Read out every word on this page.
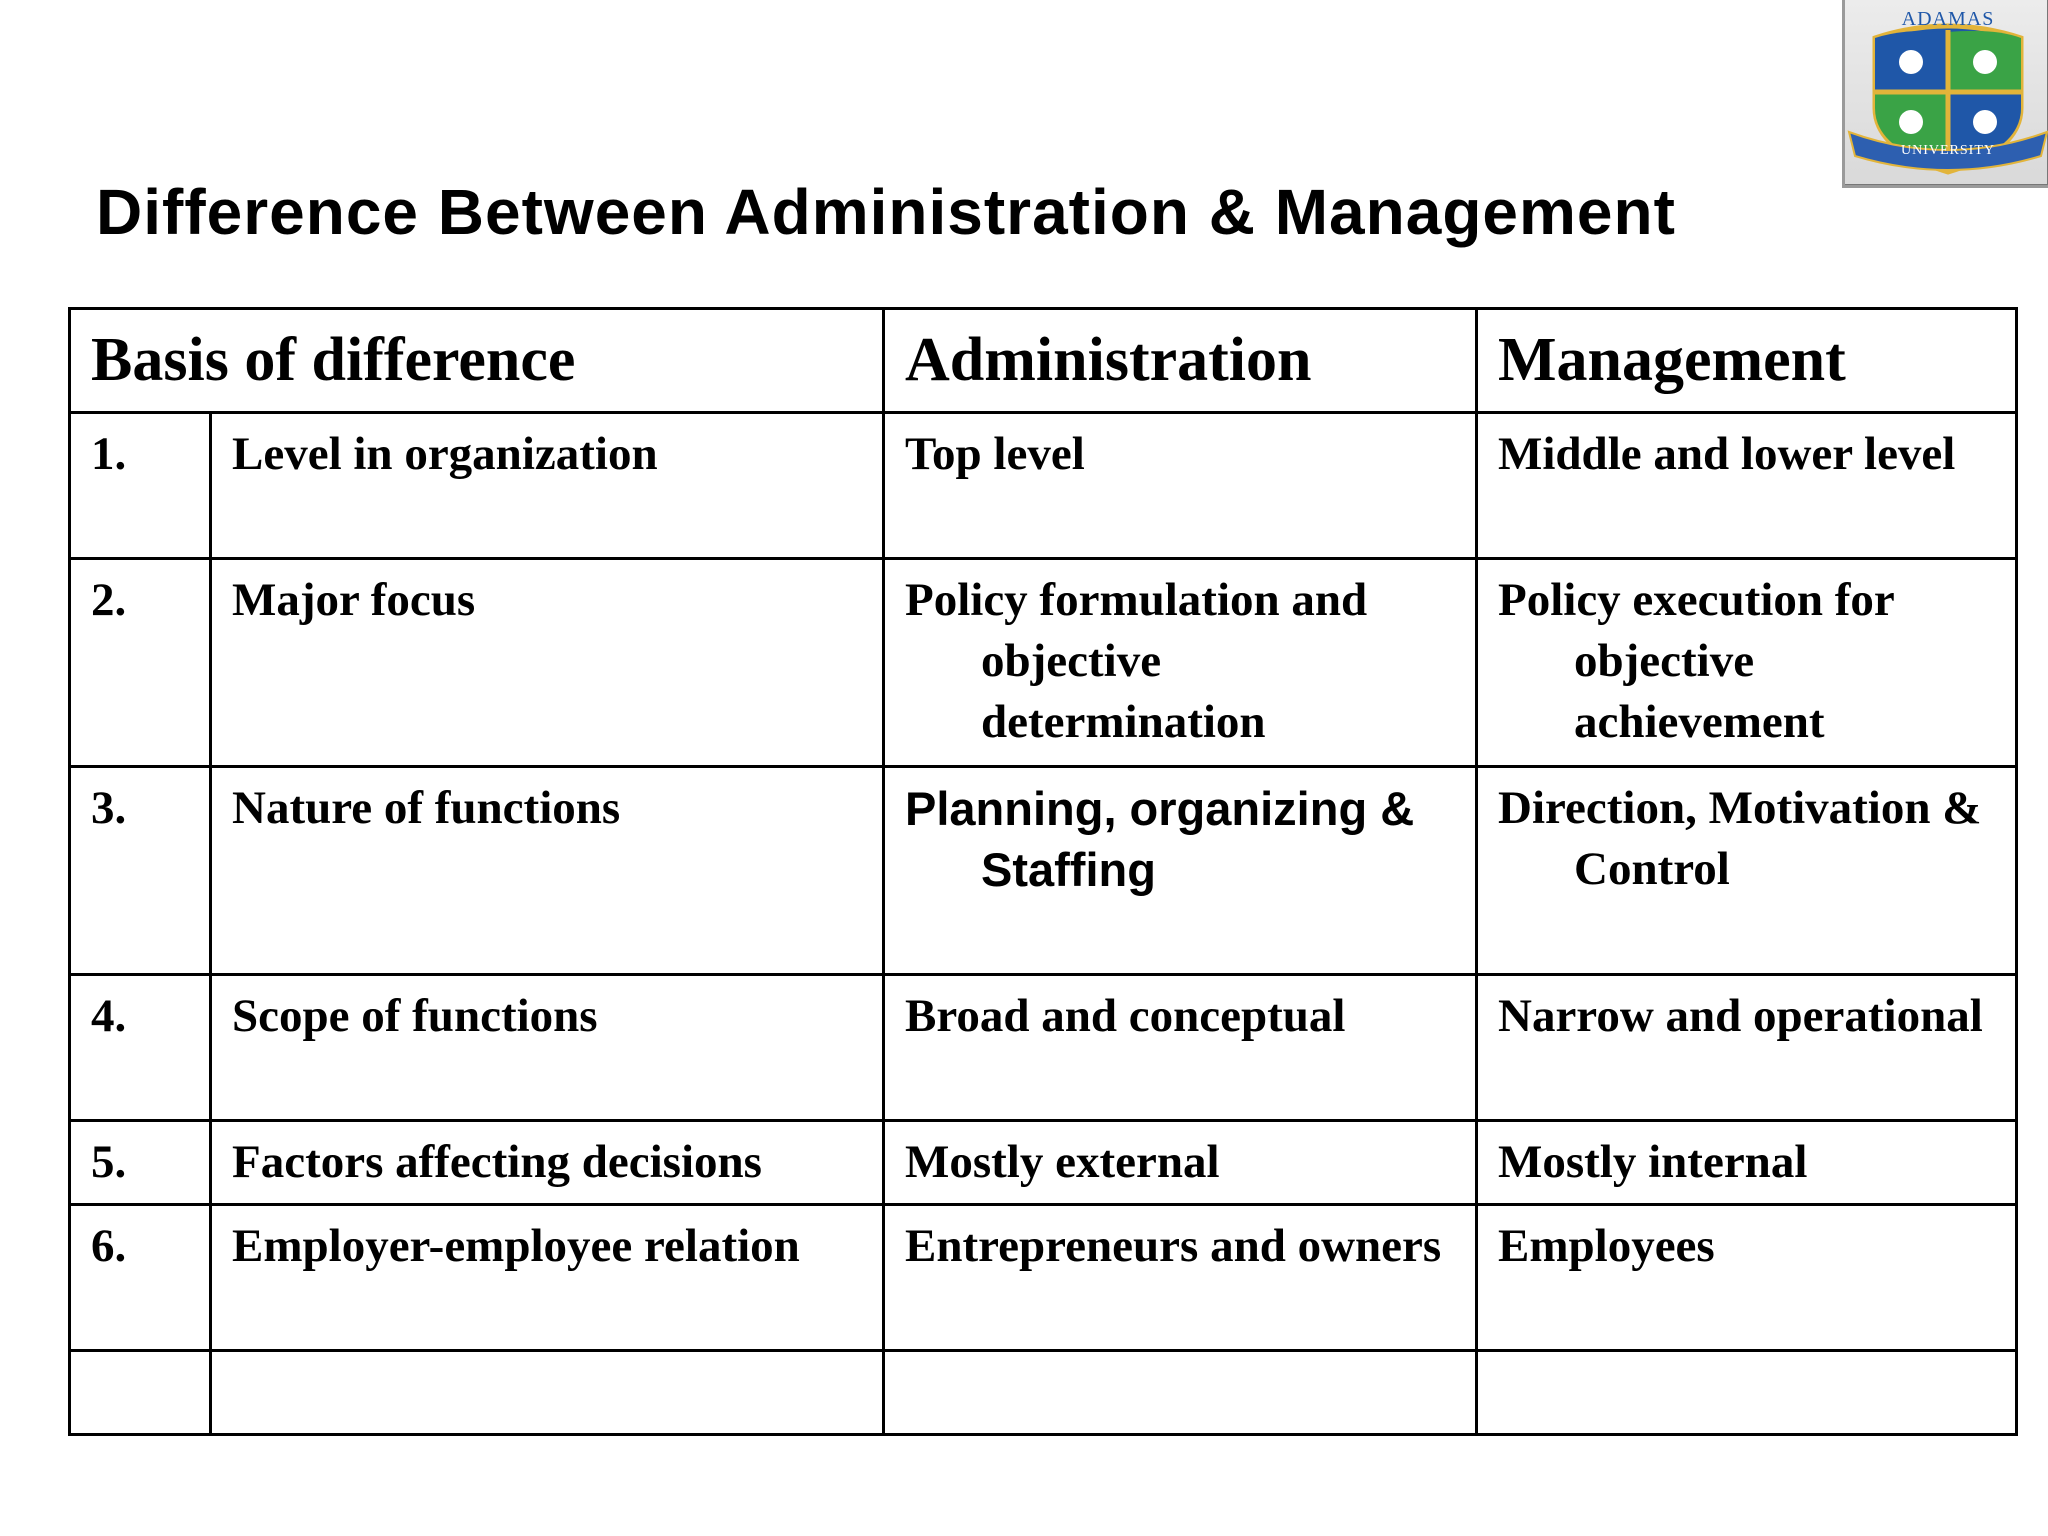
ADAMAS
UNIVERSITY
Difference Between Administration & Management
Basis of difference		Administration	Management
1.	Level in organization	Top level	Middle and lower level

2.	Major focus	Policy formulation and objective determination	Policy execution for objective achievement

3.	Nature of functions	Planning, organizing & Staffing	Direction, Motivation & Control

4.	Scope of functions	Broad and conceptual	Narrow and operational

5.	Factors affecting decisions	Mostly external	Mostly internal

6.	Employer-employee relation	Entrepreneurs and owners	Employees
